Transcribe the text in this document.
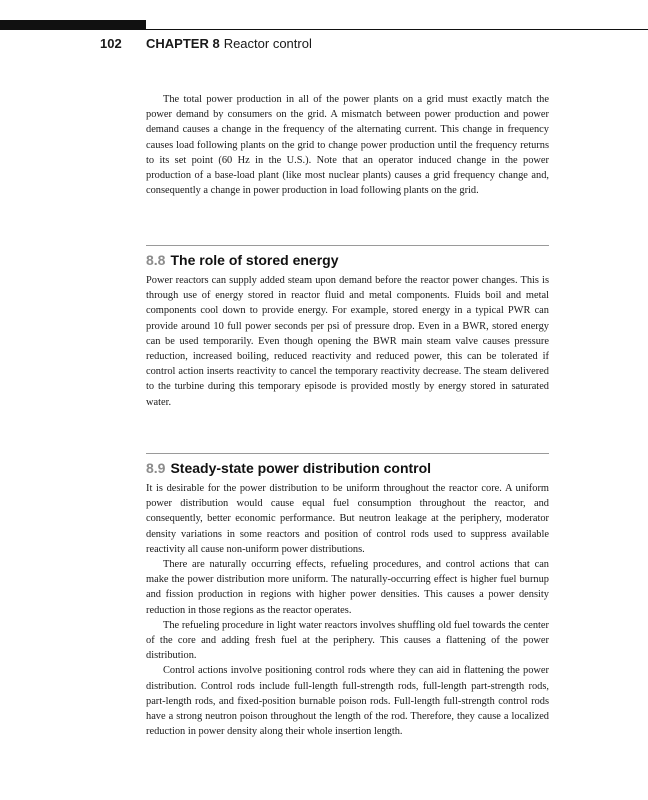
102 CHAPTER 8 Reactor control

The total power production in all of the power plants on a grid must exactly match the power demand by consumers on the grid. A mismatch between power production and power demand causes a change in the frequency of the alternating current. This change in frequency causes load following plants on the grid to change power production until the frequency returns to its set point (60 Hz in the U.S.). Note that an operator induced change in the power production of a base-load plant (like most nuclear plants) causes a grid frequency change and, consequently a change in power production in load following plants on the grid.

8.8 The role of stored energy

Power reactors can supply added steam upon demand before the reactor power changes. This is through use of energy stored in reactor fluid and metal components. Fluids boil and metal components cool down to provide energy. For example, stored energy in a typical PWR can provide around 10 full power seconds per psi of pressure drop. Even in a BWR, stored energy can be used temporarily. Even though opening the BWR main steam valve causes pressure reduction, increased boiling, reduced reactivity and reduced power, this can be tolerated if control action inserts reactivity to cancel the temporary reactivity decrease. The steam delivered to the turbine during this temporary episode is provided mostly by energy stored in saturated water.

8.9 Steady-state power distribution control

It is desirable for the power distribution to be uniform throughout the reactor core. A uniform power distribution would cause equal fuel consumption throughout the reactor, and consequently, better economic performance. But neutron leakage at the periphery, moderator density variations in some reactors and position of control rods used to suppress available reactivity all cause non-uniform power distributions.

There are naturally occurring effects, refueling procedures, and control actions that can make the power distribution more uniform. The naturally-occurring effect is higher fuel burnup and fission production in regions with higher power densities. This causes a power density reduction in those regions as the reactor operates.

The refueling procedure in light water reactors involves shuffling old fuel towards the center of the core and adding fresh fuel at the periphery. This causes a flattening of the power distribution.

Control actions involve positioning control rods where they can aid in flattening the power distribution. Control rods include full-length full-strength rods, full-length part-strength rods, part-length rods, and fixed-position burnable poison rods. Full-length full-strength control rods have a strong neutron poison throughout the length of the rod. Therefore, they cause a localized reduction in power density along their whole insertion length.
